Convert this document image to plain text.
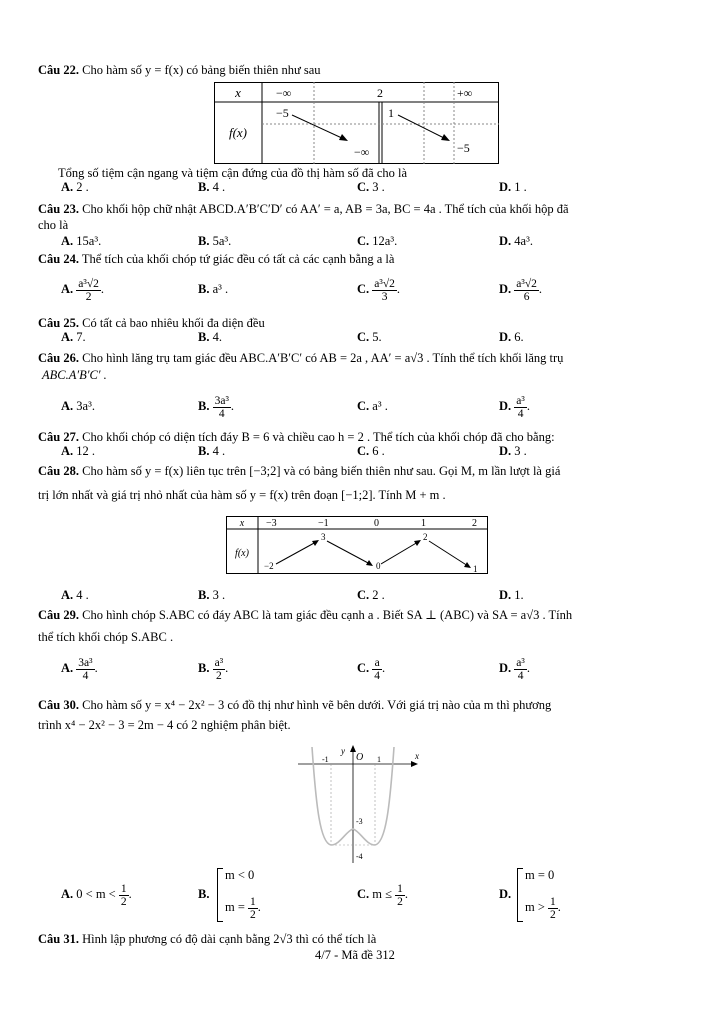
Câu 22. Cho hàm số y = f(x) có bảng biến thiên như sau
x	−∞	2	+∞
f(x)
−5
−∞
1
−5
Tổng số tiệm cận ngang và tiệm cận đứng của đồ thị hàm số đã cho là
A. 2 .	B. 4 .	C. 3 .	D. 1 .
Câu 23. Cho khối hộp chữ nhật ABCD.A′B′C′D′ có AA′ = a, AB = 3a, BC = 4a . Thể tích của khối hộp đã
cho là
A. 15a³.	B. 5a³.	C. 12a³.	D. 4a³.
Câu 24. Thể tích của khối chóp tứ giác đều có tất cả các cạnh bằng a là
A. $\frac{\text{a³√2}}{2}$ .	B. a³ .	C. $\frac{\text{a³√2}}{3}$ .	D. $\frac{\text{a³√2}}{6}$ .
Câu 25. Có tất cả bao nhiêu khối đa diện đều
A. 7.	B. 4.	C. 5.	D. 6.
Câu 26. Cho hình lăng trụ tam giác đều ABC.A′B′C′ có AB = 2a , AA′ = a√3 . Tính thể tích khối lăng trụ
ABC.A′B′C′ .
A. 3a³.	B. $\frac{\text{3a³}}{4}$ .	C. a³ .	D. $\frac{\text{a³}}{4}$ .
Câu 27. Cho khối chóp có diện tích đáy B = 6 và chiều cao h = 2 . Thể tích của khối chóp đã cho bằng:
A. 12 .	B. 4 .	C. 6 .	D. 3 .
Câu 28. Cho hàm số y = f(x) liên tục trên [−3;2] và có bảng biến thiên như sau. Gọi M, m lần lượt là giá
trị lớn nhất và giá trị nhỏ nhất của hàm số y = f(x) trên đoạn [−1;2]. Tính M + m .
x −3	−1	0	1	2
f(x)
−2
3
0
2
1
A. 4 .	B. 3 .	C. 2 .	D. 1.
Câu 29. Cho hình chóp S.ABC có đáy ABC là tam giác đều cạnh a . Biết SA ⊥ (ABC) và SA = a√3 . Tính
thể tích khối chóp S.ABC .
A. $\frac{\text{3a³}}{4}$ .	B. $\frac{\text{a³}}{2}$ .	C. $\frac{a}{4}$ .	D. $\frac{\text{a³}}{4}$ .
Câu 30. Cho hàm số y = x⁴ − 2x² − 3 có đồ thị như hình vẽ bên dưới. Với giá trị nào của m thì phương
trình x⁴ − 2x² − 3 = 2m − 4 có 2 nghiệm phân biệt.
y	x
O
-1	1
-3
-4
A. $0 < m < \frac{1}{2}$ .	B.
m < 0
$m = \frac{1}{2}$ .
C. $m \le \frac{1}{2}$ .	D.
m = 0
$m > \frac{1}{2}$ .
Câu 31. Hình lập phương có độ dài cạnh bằng 2√3 thì có thể tích là
4/7 - Mã đề 312
